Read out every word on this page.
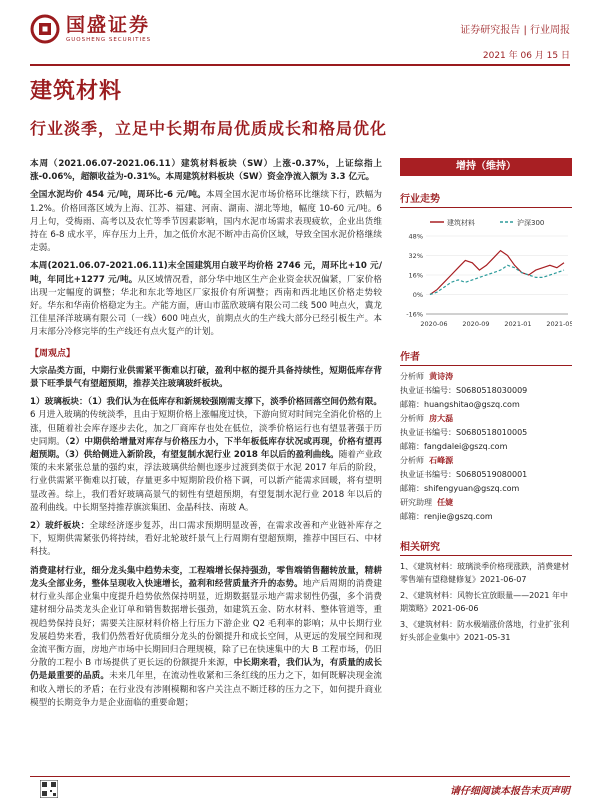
国盛证券
GUOSHENG SECURITIES
证券研究报告 | 行业周报
2021 年 06 月 15 日
建筑材料
行业淡季，立足中长期布局优质成长和格局优化

本周（2021.06.07-2021.06.11）建筑材料板块（SW）上涨-0.37%，上证综指上涨-0.06%，超额收益为-0.31%。本周建筑材料板块（SW）资金净流入额为 3.3 亿元。

全国水泥均价 454 元/吨，周环比-6 元/吨。本周全国水泥市场价格环比继续下行，跌幅为 1.2%。价格回落区域为上海、江苏、福建、河南、湖南、湖北等地，幅度 10-60 元/吨。6 月上旬，受梅雨、高考以及农忙等季节因素影响，国内水泥市场需求表现疲软，企业出货维持在 6-8 成水平，库存压力上升，加之低价水泥不断冲击高价区域，导致全国水泥价格继续走弱。

本周(2021.06.07-2021.06.11)末全国建筑用白玻平均价格 2746 元，周环比+10 元/吨，年同比+1277 元/吨。从区域情况看，部分华中地区生产企业资金状况偏紧，厂家价格出现一定幅度的调整；华北和东北等地区厂家报价有所调整；西南和西北地区价格走势较好。华东和华南价格稳定为主。产能方面，唐山市蓝欣玻璃有限公司二线 500 吨点火，冀龙江佳星泽洋玻璃有限公司（一线）600 吨点火，前期点火的生产线大部分已经引板生产。本月末部分冷修完毕的生产线还有点火复产的计划。

【周观点】

大宗品类方面，中期行业供需紧平衡难以打破，盈利中枢的提升具备持续性，短期低库存背景下旺季景气有望超预期，推荐关注玻璃玻纤板块。

1）玻璃板块：（1）我们认为在低库存和新规较强刚需支撑下，淡季价格回落空间仍然有限。6 月进入玻璃的传统淡季，且由于短期价格上涨幅度过快，下游向贸对时间完全消化价格的上涨，但随着社会库存逐步去化，加之厂商库存也处在低位，淡季价格运行也有望显著强于历史同期。（2）中期供给增量对库存与价格压力小，下半年板低库存状况或再现，价格有望再超预期。（3）供给侧进入新阶段，有望复制水泥行业 2018 年以后的盈利曲线。随着产业政策的未来紧张总量的强约束，浮法玻璃供给侧也逐步过渡到类似于水泥 2017 年后的阶段，行业供需紧平衡难以打破，存量更多中短期阶段价格下调，可以新产能需求回暖，将有望明显改善。综上，我们看好玻璃高景气的韧性有望超预期，有望复制水泥行业 2018 年以后的盈利曲线。中长期坚持推荐旗滨集团、金晶科技、南玻 A。

2）玻纤板块：全球经济逐步复苏，出口需求预期明显改善，在需求改善和产业链补库存之下，短期供需紧张仍将持续，看好北轮玻纤景气上行周期有望超预期，推荐中国巨石、中材科技。

消费建材行业，细分龙头集中趋势未变，工程端增长保持强劲，零售端销售翻转放量，精耕龙头全部业务，整体呈现收入快速增长，盈利和经营质量齐升的态势。地产后周期的消费建材行业头部企业集中度提升趋势依然保持明显，近期数据显示地产需求韧性仍强，多个消费建材细分品类龙头企业订单和销售数据增长强劲，如建筑五金、防水材料、整体管道等，重视趋势保持良好；需要关注原材料价格上行压力下游企业 Q2 毛利率的影响；从中长期行业发展趋势来看，我们仍然看好优质细分龙头的份额提升和成长空间，从更远的发展空间和现金流平衡方面，房地产市场中长期回归合理规模，除了已在快速集中的大 B 工程市场，仍旧分散的工程小 B 市场提供了更长远的份额提升来源，中长期来看，我们认为，有质量的成长仍是最重要的品质。未来几年里，在流动性收紧和三条红线的压力之下，如何既解决现金流和收入增长的矛盾；在行业没有涉刚模糊和客户关注点不断迁移的压力之下，如何提升商业模型的长期竞争力是企业面临的重要命题；

增持（维持）
行业走势
建筑材料	沪深300
48%
32%
16%
0%
-16%
2020-06 2020-09 2021-01 2021-05
作者
分析师 黄诗涛
执业证书编号：S0680518030009
邮箱：huangshitao@gszq.com
分析师 房大磊
执业证书编号：S0680518010005
邮箱：fangdalei@gszq.com
分析师 石峰源
执业证书编号：S0680519080001
邮箱：shifengyuan@gszq.com
研究助理 任婕
邮箱：renjie@gszq.com
相关研究

1、《建筑材料：玻璃淡季价格现涨跌，消费建材零售端有望稳健修复》2021-06-07

2、《建筑材料：风物长宜放眼量——2021 年中期策略》2021-06-06

3、《建筑材料：防水极端涨价落地，行业扩张利好头部企业集中》2021-05-31

请仔细阅读本报告末页声明
